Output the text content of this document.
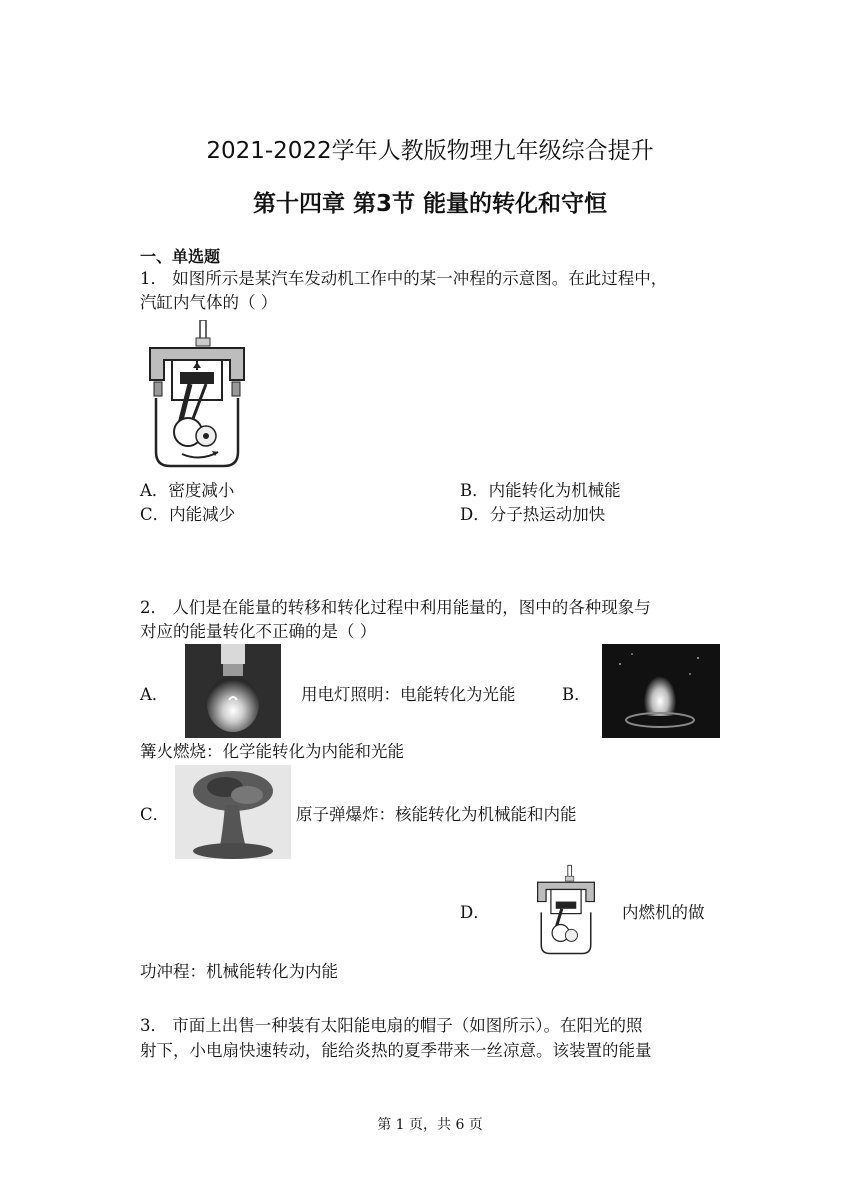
2021-2022学年人教版物理九年级综合提升
第十四章 第3节 能量的转化和守恒
一、单选题
1． 如图所示是某汽车发动机工作中的某一冲程的示意图。在此过程中，
汽缸内气体的（ ）
A．密度减小	B．内能转化为机械能
C．内能减少	D．分子热运动加快
2． 人们是在能量的转移和转化过程中利用能量的，图中的各种现象与
对应的能量转化不正确的是（ ）
A．	用电灯照明：电能转化为光能	B．
篝火燃烧：化学能转化为内能和光能
C．	原子弹爆炸：核能转化为机械能和内能
D．	内燃机的做
功冲程：机械能转化为内能
3． 市面上出售一种装有太阳能电扇的帽子（如图所示）。在阳光的照
射下，小电扇快速转动，能给炎热的夏季带来一丝凉意。该装置的能量
第 1 页，共 6 页
